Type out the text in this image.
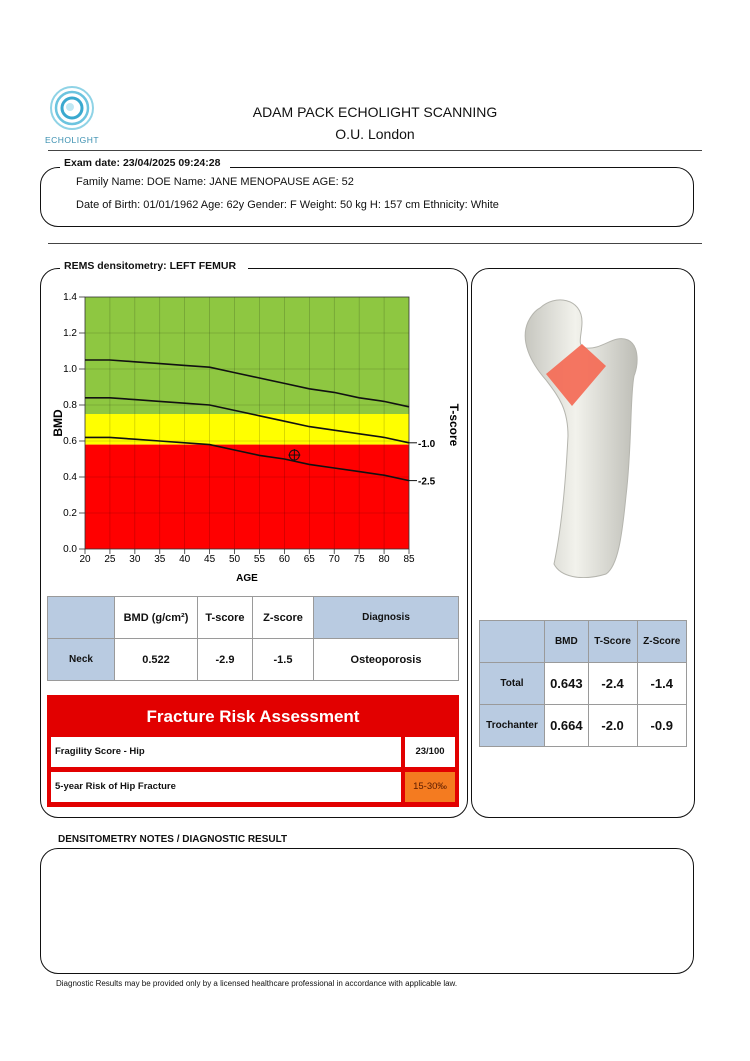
ECHOLIGHT
ADAM PACK ECHOLIGHT SCANNING
O.U. London
Exam date: 23/04/2025 09:24:28
Family Name: DOE Name: JANE MENOPAUSE AGE: 52
Date of Birth: 01/01/1962 Age: 62y Gender: F Weight: 50 kg H: 157 cm Ethnicity: White
REMS densitometry: LEFT FEMUR
0.0
0.2
0.4
0.6
0.8
1.0
1.2
1.4
20 25 30 35 40 45 50 55 60 65 70 75 80 85
-1.0
-2.5
BMD
AGE
T-score
	BMD (g/cm²)	T-score	Z-score	Diagnosis
Neck	0.522	-2.9	-1.5	Osteoporosis
Fracture Risk Assessment
Fragility Score - Hip	23/100
5-year Risk of Hip Fracture	15-30‰
	BMD	T-Score	Z-Score
Total	0.643	-2.4	-1.4
Trochanter	0.664	-2.0	-0.9
DENSITOMETRY NOTES / DIAGNOSTIC RESULT
Diagnostic Results may be provided only by a licensed healthcare professional in accordance with applicable law.
